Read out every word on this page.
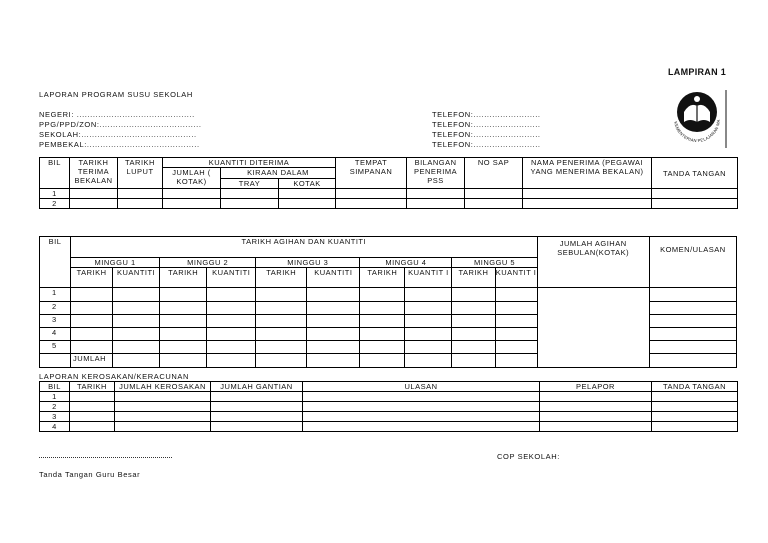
LAMPIRAN 1
LAPORAN PROGRAM SUSU SEKOLAH
NEGERI: ............................................
PPG/PPD/ZON:......................................
SEKOLAH:...........................................
PEMBEKAL:..........................................
TELEFON:.........................
TELEFON:.........................
TELEFON:.........................
TELEFON:.........................
KEMENTERIAN PELAJARAN MA
BIL	TARIKH TERIMA BEKALAN	TARIKH LUPUT	KUANTITI DITERIMA			TEMPAT SIMPANAN	BILANGAN PENERIMA PSS	NO SAP	NAMA PENERIMA (PEGAWAI YANG MENERIMA BEKALAN)	TANDA TANGAN
			JUMLAH ( KOTAK)	KIRAAN DALAM						
				TRAY	KOTAK					
1										
2										
BIL	TARIKH AGIHAN DAN KUANTITI										JUMLAH AGIHAN SEBULAN(KOTAK)	KOMEN/ULASAN
	MINGGU 1		MINGGU 2		MINGGU 3		MINGGU 4		MINGGU 5			
	TARIKH	KUANTITI	TARIKH	KUANTITI	TARIKH	KUANTITI	TARIKH	KUANTIT I	TARIKH	KUANTIT I		
1												
2												
3												
4												
5												
	JUMLAH											
LAPORAN KEROSAKAN/KERACUNAN
BIL	TARIKH	JUMLAH KEROSAKAN	JUMLAH GANTIAN	ULASAN	PELAPOR	TANDA TANGAN
1						
2						
3						
4						
Tanda Tangan Guru Besar
COP SEKOLAH:
